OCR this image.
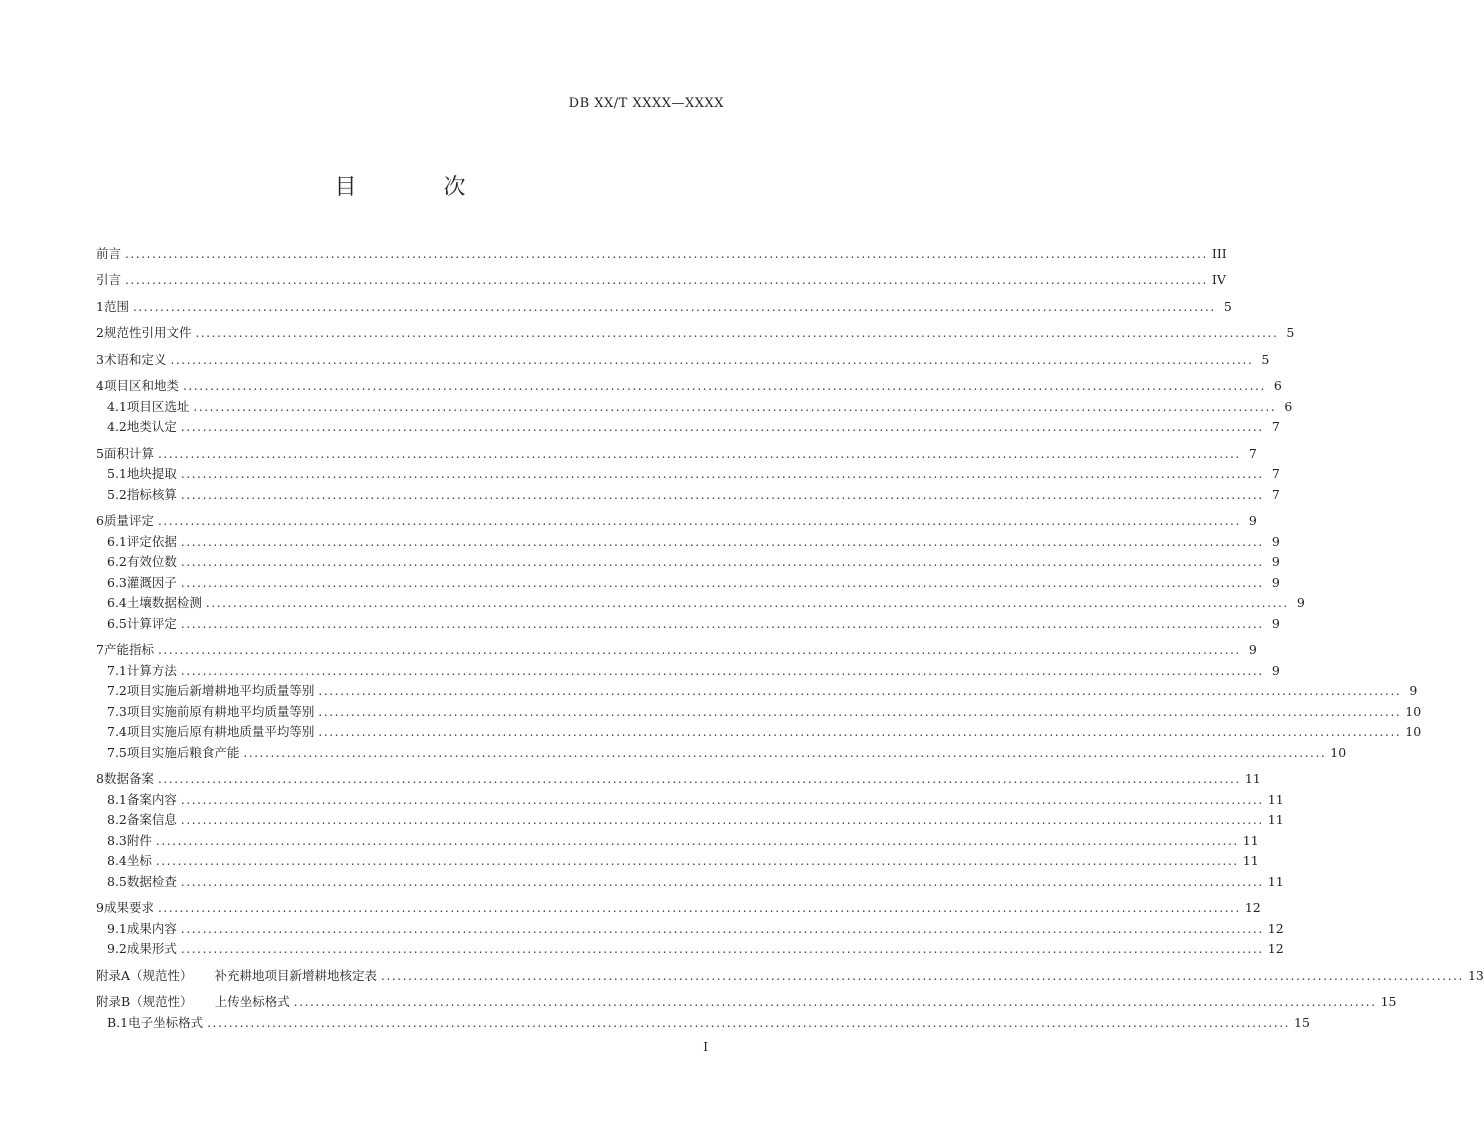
DB XX/T XXXX—XXXX
目 次
前言 ........................................................................................................................................................................................................ III
引言 ........................................................................................................................................................................................................ IV
1 范围 ........................................................................................................................................................................................................ 5
2 规范性引用文件 ........................................................................................................................................................................................................ 5
3 术语和定义 ........................................................................................................................................................................................................ 5
4 项目区和地类 ........................................................................................................................................................................................................ 6
4.1 项目区选址 ........................................................................................................................................................................................................ 6
4.2 地类认定 ........................................................................................................................................................................................................ 7
5 面积计算 ........................................................................................................................................................................................................ 7
5.1 地块提取 ........................................................................................................................................................................................................ 7
5.2 指标核算 ........................................................................................................................................................................................................ 7
6 质量评定 ........................................................................................................................................................................................................ 9
6.1 评定依据 ........................................................................................................................................................................................................ 9
6.2 有效位数 ........................................................................................................................................................................................................ 9
6.3 灌溉因子 ........................................................................................................................................................................................................ 9
6.4 土壤数据检测 ........................................................................................................................................................................................................ 9
6.5 计算评定 ........................................................................................................................................................................................................ 9
7 产能指标 ........................................................................................................................................................................................................ 9
7.1 计算方法 ........................................................................................................................................................................................................ 9
7.2 项目实施后新增耕地平均质量等别 ........................................................................................................................................................................................................ 9
7.3 项目实施前原有耕地平均质量等别 ........................................................................................................................................................................................................ 10
7.4 项目实施后原有耕地质量平均等别 ........................................................................................................................................................................................................ 10
7.5 项目实施后粮食产能 ........................................................................................................................................................................................................ 10
8 数据备案 ........................................................................................................................................................................................................ 11
8.1 备案内容 ........................................................................................................................................................................................................ 11
8.2 备案信息 ........................................................................................................................................................................................................ 11
8.3 附件 ........................................................................................................................................................................................................ 11
8.4 坐标 ........................................................................................................................................................................................................ 11
8.5 数据检查 ........................................................................................................................................................................................................ 11
9 成果要求 ........................................................................................................................................................................................................ 12
9.1 成果内容 ........................................................................................................................................................................................................ 12
9.2 成果形式 ........................................................................................................................................................................................................ 12
附录A（规范性） 补充耕地项目新增耕地核定表 ........................................................................................................................................................................................................ 13
附录B（规范性） 上传坐标格式 ........................................................................................................................................................................................................ 15
B.1 电子坐标格式 ........................................................................................................................................................................................................ 15
I
